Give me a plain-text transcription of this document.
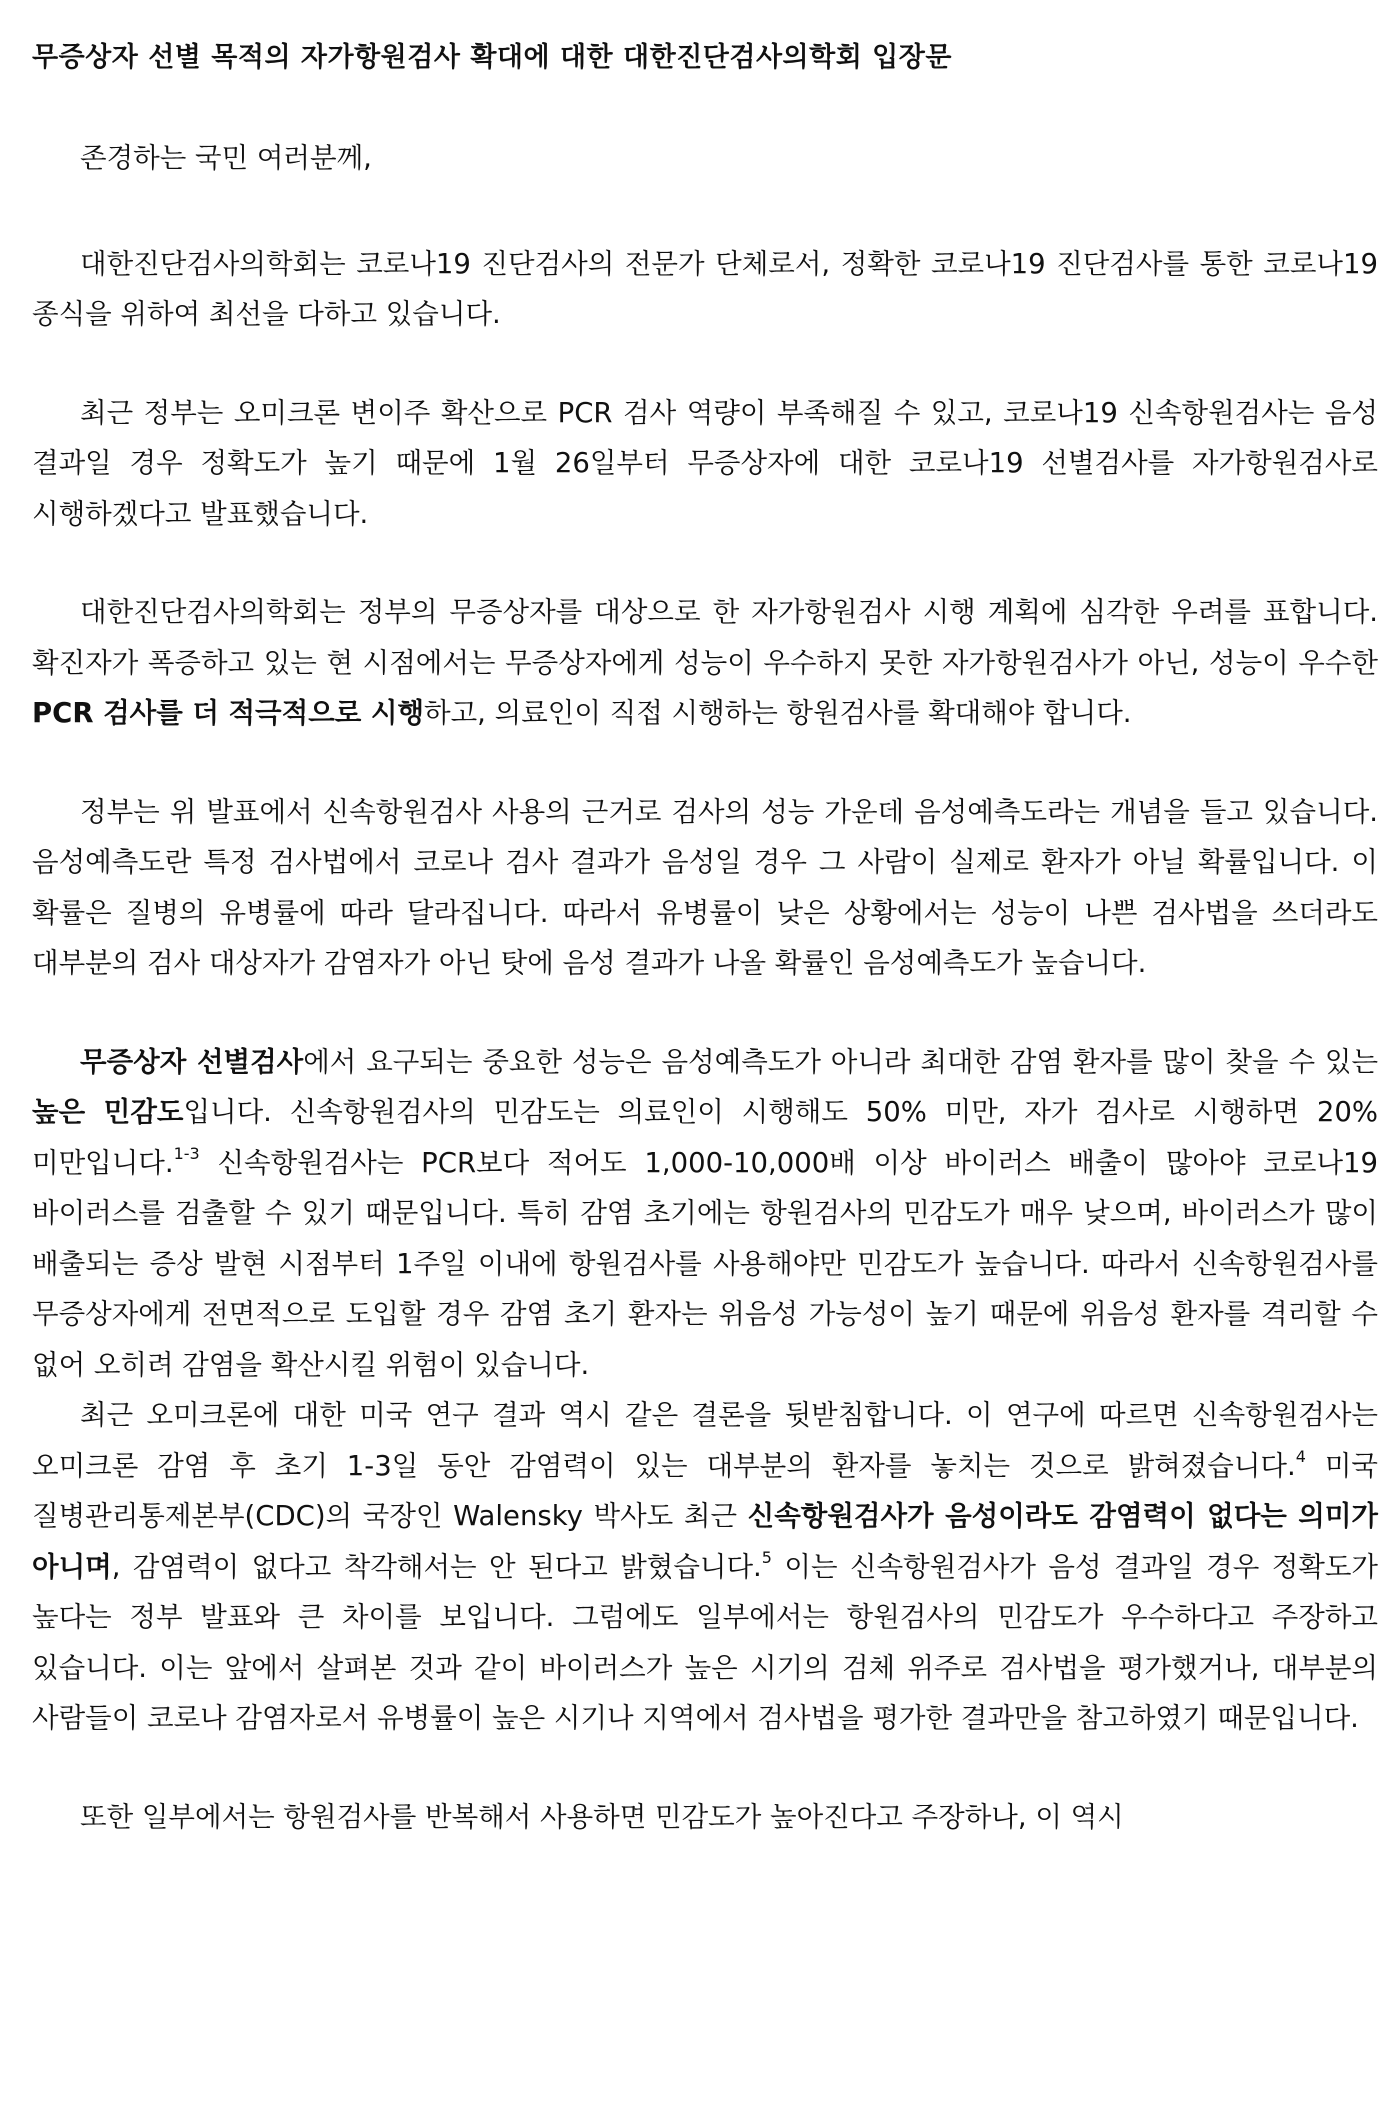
무증상자 선별 목적의 자가항원검사 확대에 대한 대한진단검사의학회 입장문

존경하는 국민 여러분께,

대한진단검사의학회는 코로나19 진단검사의 전문가 단체로서, 정확한 코로나19 진단검사를 통한 코로나19 종식을 위하여 최선을 다하고 있습니다.

최근 정부는 오미크론 변이주 확산으로 PCR 검사 역량이 부족해질 수 있고, 코로나19 신속항원검사는 음성 결과일 경우 정확도가 높기 때문에 1월 26일부터 무증상자에 대한 코로나19 선별검사를 자가항원검사로 시행하겠다고 발표했습니다.

대한진단검사의학회는 정부의 무증상자를 대상으로 한 자가항원검사 시행 계획에 심각한 우려를 표합니다. 확진자가 폭증하고 있는 현 시점에서는 무증상자에게 성능이 우수하지 못한 자가항원검사가 아닌, 성능이 우수한 PCR 검사를 더 적극적으로 시행하고, 의료인이 직접 시행하는 항원검사를 확대해야 합니다.

정부는 위 발표에서 신속항원검사 사용의 근거로 검사의 성능 가운데 음성예측도라는 개념을 들고 있습니다. 음성예측도란 특정 검사법에서 코로나 검사 결과가 음성일 경우 그 사람이 실제로 환자가 아닐 확률입니다. 이 확률은 질병의 유병률에 따라 달라집니다. 따라서 유병률이 낮은 상황에서는 성능이 나쁜 검사법을 쓰더라도 대부분의 검사 대상자가 감염자가 아닌 탓에 음성 결과가 나올 확률인 음성예측도가 높습니다.

무증상자 선별검사에서 요구되는 중요한 성능은 음성예측도가 아니라 최대한 감염 환자를 많이 찾을 수 있는 높은 민감도입니다. 신속항원검사의 민감도는 의료인이 시행해도 50% 미만, 자가 검사로 시행하면 20% 미만입니다.$^{1-3}$ 신속항원검사는 PCR보다 적어도 1,000-10,000배 이상 바이러스 배출이 많아야 코로나19 바이러스를 검출할 수 있기 때문입니다. 특히 감염 초기에는 항원검사의 민감도가 매우 낮으며, 바이러스가 많이 배출되는 증상 발현 시점부터 1주일 이내에 항원검사를 사용해야만 민감도가 높습니다. 따라서 신속항원검사를 무증상자에게 전면적으로 도입할 경우 감염 초기 환자는 위음성 가능성이 높기 때문에 위음성 환자를 격리할 수 없어 오히려 감염을 확산시킬 위험이 있습니다.

최근 오미크론에 대한 미국 연구 결과 역시 같은 결론을 뒷받침합니다. 이 연구에 따르면 신속항원검사는 오미크론 감염 후 초기 1-3일 동안 감염력이 있는 대부분의 환자를 놓치는 것으로 밝혀졌습니다.$^4$ 미국 질병관리통제본부(CDC)의 국장인 Walensky 박사도 최근 신속항원검사가 음성이라도 감염력이 없다는 의미가 아니며, 감염력이 없다고 착각해서는 안 된다고 밝혔습니다.$^5$ 이는 신속항원검사가 음성 결과일 경우 정확도가 높다는 정부 발표와 큰 차이를 보입니다. 그럼에도 일부에서는 항원검사의 민감도가 우수하다고 주장하고 있습니다. 이는 앞에서 살펴본 것과 같이 바이러스가 높은 시기의 검체 위주로 검사법을 평가했거나, 대부분의 사람들이 코로나 감염자로서 유병률이 높은 시기나 지역에서 검사법을 평가한 결과만을 참고하였기 때문입니다.

또한 일부에서는 항원검사를 반복해서 사용하면 민감도가 높아진다고 주장하나, 이 역시
